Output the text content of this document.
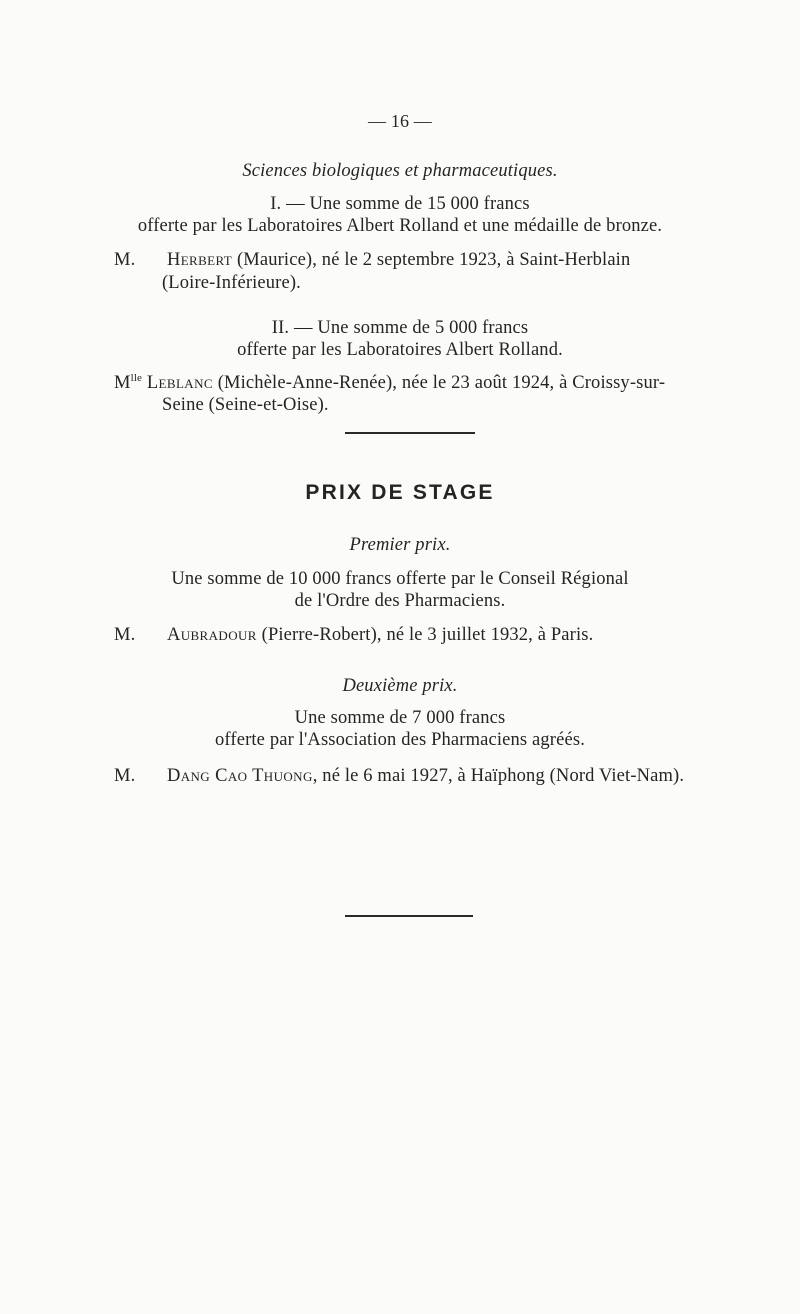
— 16 —
Sciences biologiques et pharmaceutiques.
I. — Une somme de 15 000 francs
offerte par les Laboratoires Albert Rolland et une médaille de bronze.
M. Herbert (Maurice), né le 2 septembre 1923, à Saint-Herblain
(Loire-Inférieure).
II. — Une somme de 5 000 francs
offerte par les Laboratoires Albert Rolland.
$M^{lle}$ Leblanc (Michèle-Anne-Renée), née le 23 août 1924, à Croissy-sur-
Seine (Seine-et-Oise).
PRIX DE STAGE
Premier prix.
Une somme de 10 000 francs offerte par le Conseil Régional
de l'Ordre des Pharmaciens.
M. Aubradour (Pierre-Robert), né le 3 juillet 1932, à Paris.
Deuxième prix.
Une somme de 7 000 francs
offerte par l'Association des Pharmaciens agréés.
M. Dang Cao Thuong, né le 6 mai 1927, à Haïphong (Nord Viet-Nam).
